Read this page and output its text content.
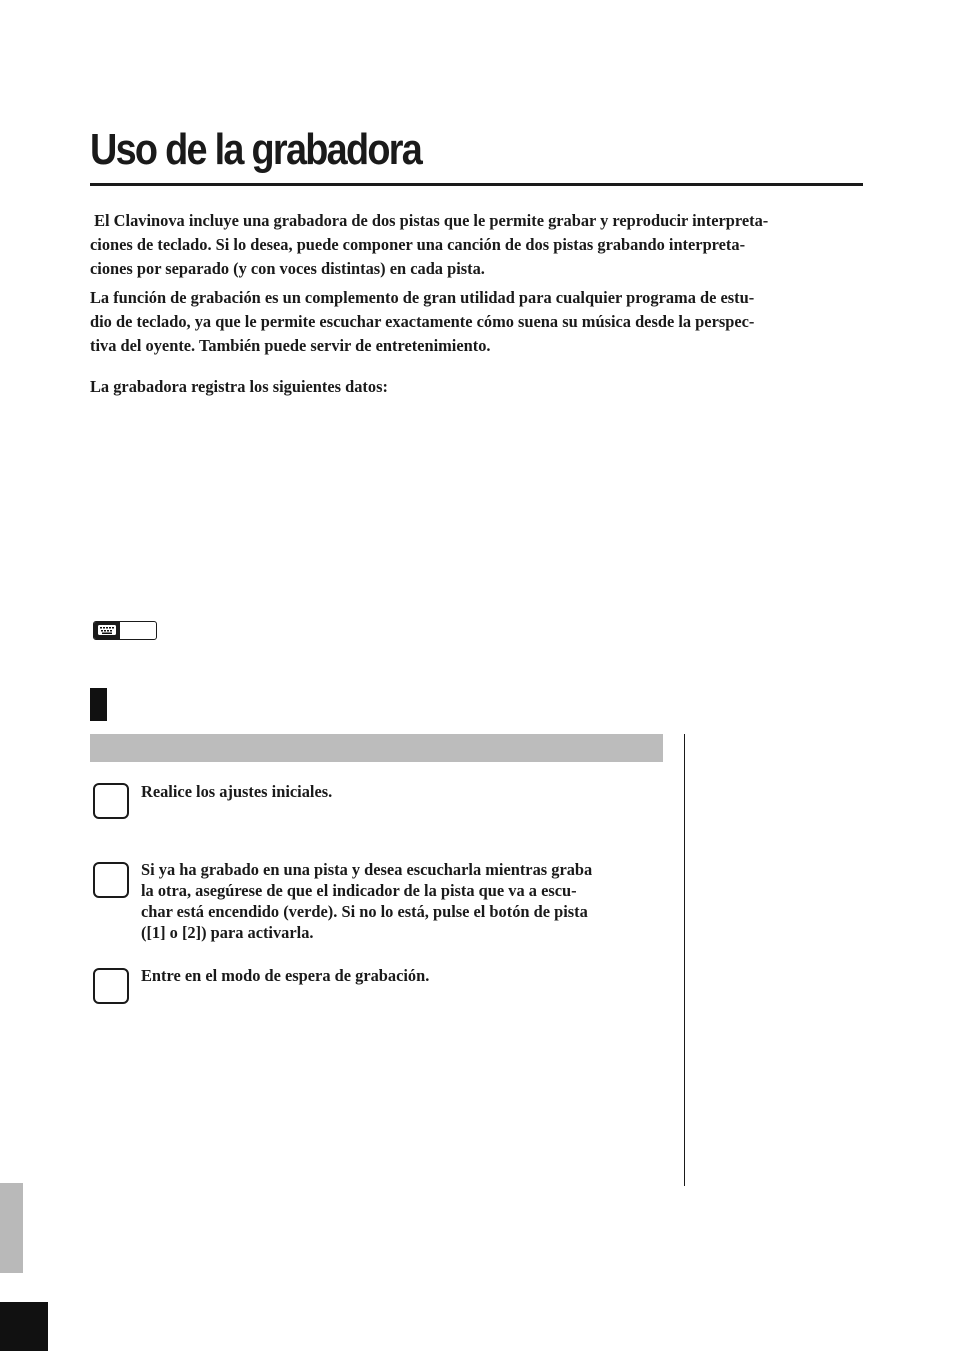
Uso de la grabadora

El Clavinova incluye una grabadora de dos pistas que le permite grabar y reproducir interpreta-
ciones de teclado. Si lo desea, puede componer una canción de dos pistas grabando interpreta-
ciones por separado (y con voces distintas) en cada pista.

La función de grabación es un complemento de gran utilidad para cualquier programa de estu-
dio de teclado, ya que le permite escuchar exactamente cómo suena su música desde la perspec-
tiva del oyente. También puede servir de entretenimiento.

La grabadora registra los siguientes datos:

Realice los ajustes iniciales.

Si ya ha grabado en una pista y desea escucharla mientras graba
la otra, asegúrese de que el indicador de la pista que va a escu-
char está encendido (verde). Si no lo está, pulse el botón de pista
([1] o [2]) para activarla.

Entre en el modo de espera de grabación.
